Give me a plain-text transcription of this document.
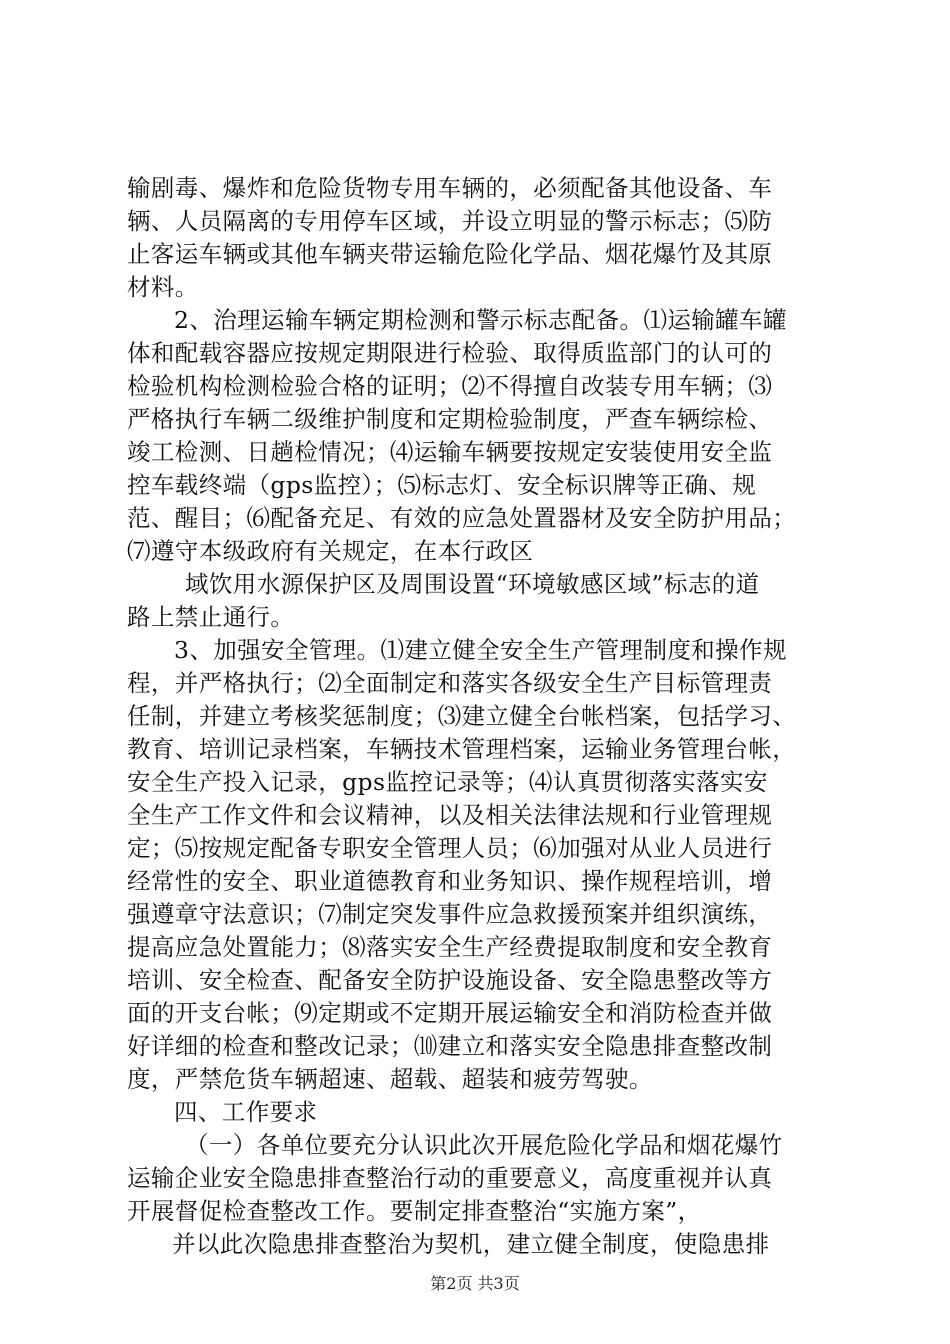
输剧毒、爆炸和危险货物专用车辆的，必须配备其他设备、车
辆、人员隔离的专用停车区域，并设立明显的警示标志；⑸防
止客运车辆或其他车辆夹带运输危险化学品、烟花爆竹及其原
材料。
2、治理运输车辆定期检测和警示标志配备。⑴运输罐车罐
体和配载容器应按规定期限进行检验、取得质监部门的认可的
检验机构检测检验合格的证明；⑵不得擅自改装专用车辆；⑶
严格执行车辆二级维护制度和定期检验制度，严查车辆综检、
竣工检测、日趟检情况；⑷运输车辆要按规定安装使用安全监
控车载终端（gps监控）；⑸标志灯、安全标识牌等正确、规
范、醒目；⑹配备充足、有效的应急处置器材及安全防护用品；
⑺遵守本级政府有关规定，在本行政区
域饮用水源保护区及周围设置“环境敏感区域”标志的道
路上禁止通行。
3、加强安全管理。⑴建立健全安全生产管理制度和操作规
程，并严格执行；⑵全面制定和落实各级安全生产目标管理责
任制，并建立考核奖惩制度；⑶建立健全台帐档案，包括学习、
教育、培训记录档案，车辆技术管理档案，运输业务管理台帐，
安全生产投入记录，gps监控记录等；⑷认真贯彻落实落实安
全生产工作文件和会议精神，以及相关法律法规和行业管理规
定；⑸按规定配备专职安全管理人员；⑹加强对从业人员进行
经常性的安全、职业道德教育和业务知识、操作规程培训，增
强遵章守法意识；⑺制定突发事件应急救援预案并组织演练，
提高应急处置能力；⑻落实安全生产经费提取制度和安全教育
培训、安全检查、配备安全防护设施设备、安全隐患整改等方
面的开支台帐；⑼定期或不定期开展运输安全和消防检查并做
好详细的检查和整改记录；⑽建立和落实安全隐患排查整改制
度，严禁危货车辆超速、超载、超装和疲劳驾驶。
四、工作要求
（一）各单位要充分认识此次开展危险化学品和烟花爆竹
运输企业安全隐患排查整治行动的重要意义，高度重视并认真
开展督促检查整改工作。要制定排查整治“实施方案”，
并以此次隐患排查整治为契机，建立健全制度，使隐患排
第2页 共3页
